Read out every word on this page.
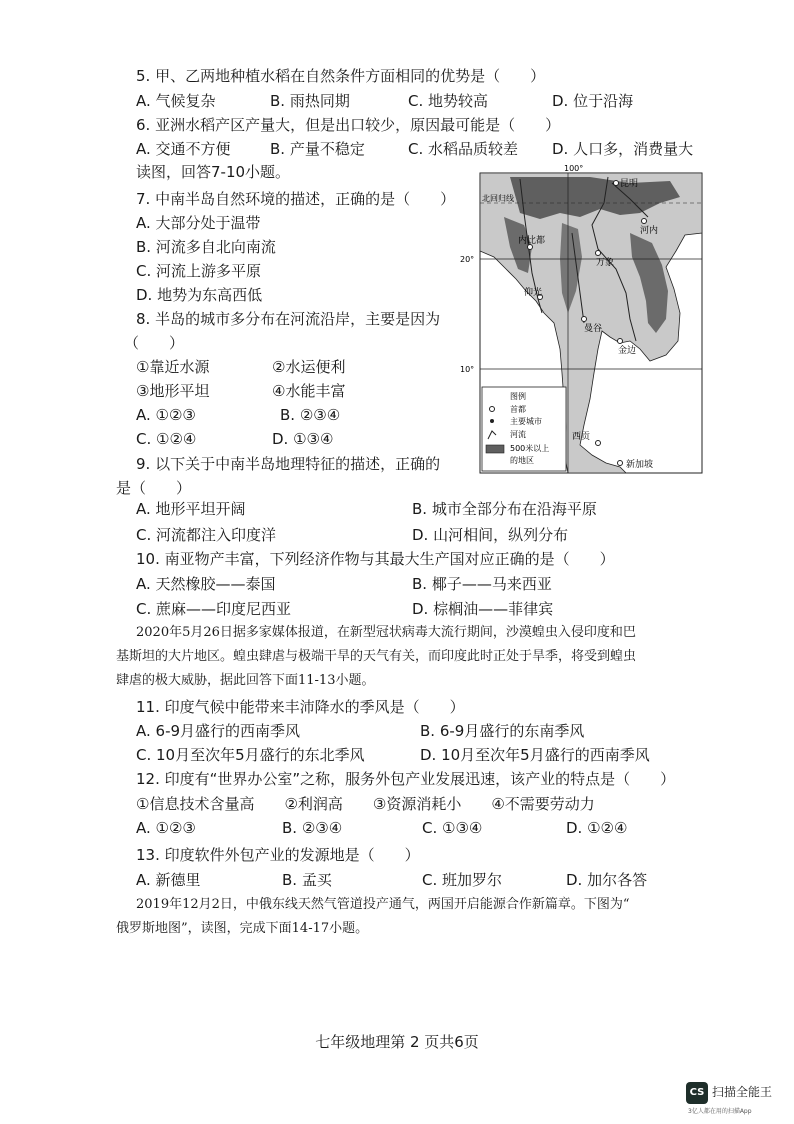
5. 甲、乙两地种植水稻在自然条件方面相同的优势是（　　）
A. 气候复杂	B. 雨热同期	C. 地势较高	D. 位于沿海
6. 亚洲水稻产区产量大，但是出口较少，原因最可能是（　　）
A. 交通不方便	B. 产量不稳定	C. 水稻品质较差 D. 人口多，消费量大
读图，回答7-10小题。
7. 中南半岛自然环境的描述，正确的是（　　）
A. 大部分处于温带
B. 河流多自北向南流
C. 河流上游多平原
D. 地势为东高西低
8. 半岛的城市多分布在河流沿岸，主要是因为
（　　）
①靠近水源	②水运便利
③地形平坦	④水能丰富
A. ①②③	B. ②③④
C. ①②④	D. ①③④
9. 以下关于中南半岛地理特征的描述，正确的
是（　　）
A. 地形平坦开阔	B. 城市全部分布在沿海平原
C. 河流都注入印度洋	D. 山河相间，纵列分布
10. 南亚物产丰富，下列经济作物与其最大生产国对应正确的是（　　）
A. 天然橡胶——泰国	B. 椰子——马来西亚
C. 蔗麻——印度尼西亚	D. 棕榈油——菲律宾
2020年5月26日据多家媒体报道，在新型冠状病毒大流行期间，沙漠蝗虫入侵印度和巴
基斯坦的大片地区。蝗虫肆虐与极端干旱的天气有关，而印度此时正处于旱季，将受到蝗虫
肆虐的极大威胁，据此回答下面11-13小题。
11. 印度气候中能带来丰沛降水的季风是（　　）
A. 6-9月盛行的西南季风	B. 6-9月盛行的东南季风
C. 10月至次年5月盛行的东北季风	D. 10月至次年5月盛行的西南季风
12. 印度有“世界办公室”之称，服务外包产业发展迅速，该产业的特点是（　　）
①信息技术含量高　　②利润高　　③资源消耗小　　④不需要劳动力
A. ①②③	B. ②③④	C. ①③④	D. ①②④
13. 印度软件外包产业的发源地是（　　）
A. 新德里	B. 孟买	C. 班加罗尔	D. 加尔各答
2019年12月2日，中俄东线天然气管道投产通气，两国开启能源合作新篇章。下图为“
俄罗斯地图”，读图，完成下面14-17小题。
100°
20°
10°
昆明
北回归线
河内
万象
内比都
仰光
曼谷
金边
西贡
新加坡
图例
首都
主要城市
河流
500米以上
的地区
七年级地理第 2 页共6页
CS 扫描全能王
3亿人都在用的扫描App
